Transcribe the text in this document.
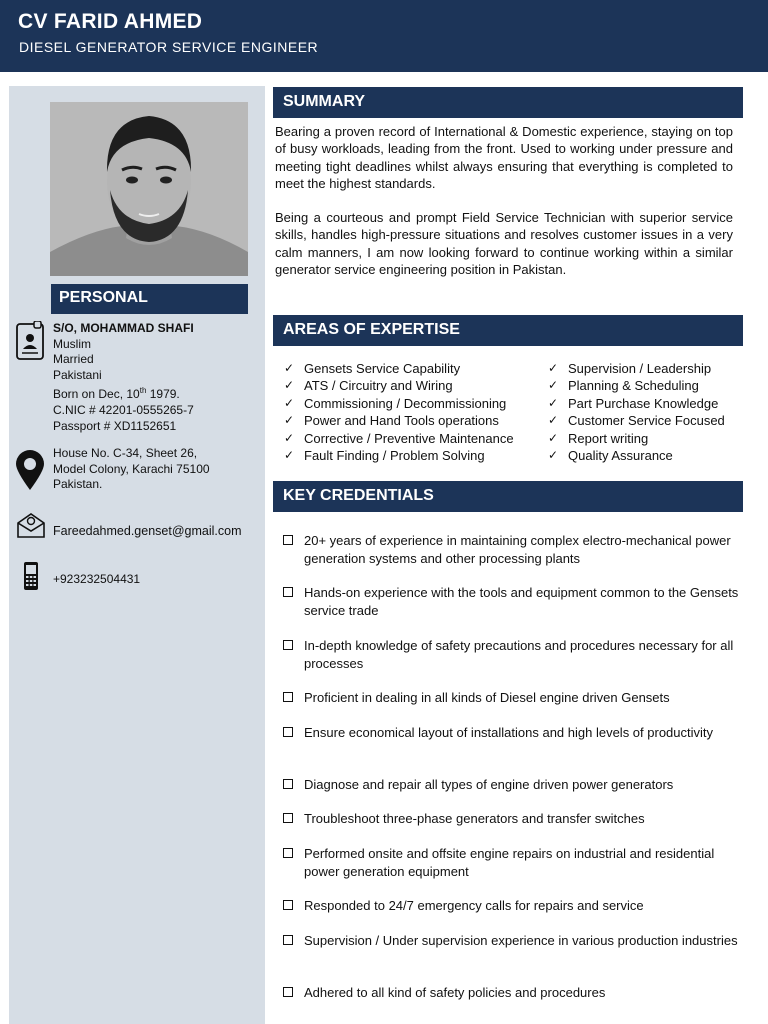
CV FARID AHMED
DIESEL GENERATOR SERVICE ENGINEER
PERSONAL
S/O, MOHAMMAD SHAFI
Muslim
Married
Pakistani
Born on Dec, 10th 1979.
C.NIC # 42201-0555265-7
Passport # XD1152651
House No. C-34, Sheet 26,
Model Colony, Karachi 75100
Pakistan.
Fareedahmed.genset@gmail.com
+923232504431
SUMMARY
Bearing a proven record of International & Domestic experience, staying on top of busy workloads, leading from the front. Used to working under pressure and meeting tight deadlines whilst always ensuring that everything is completed to meet the highest standards.
Being a courteous and prompt Field Service Technician with superior service skills, handles high-pressure situations and resolves customer issues in a very calm manners, I am now looking forward to continue working within a similar generator service engineering position in Pakistan.
AREAS OF EXPERTISE
✓ Gensets Service Capability
✓ ATS / Circuitry and Wiring
✓ Commissioning / Decommissioning
✓ Power and Hand Tools operations
✓ Corrective / Preventive Maintenance
✓ Fault Finding / Problem Solving
✓ Supervision / Leadership
✓ Planning & Scheduling
✓ Part Purchase Knowledge
✓ Customer Service Focused
✓ Report writing
✓ Quality Assurance
KEY CREDENTIALS
20+ years of experience in maintaining complex electro-mechanical power generation systems and other processing plants
Hands-on experience with the tools and equipment common to the Gensets service trade
In-depth knowledge of safety precautions and procedures necessary for all processes
Proficient in dealing in all kinds of Diesel engine driven Gensets
Ensure economical layout of installations and high levels of productivity
Diagnose and repair all types of engine driven power generators
Troubleshoot three-phase generators and transfer switches
Performed onsite and offsite engine repairs on industrial and residential power generation equipment
Responded to 24/7 emergency calls for repairs and service
Supervision / Under supervision experience in various production industries
Adhered to all kind of safety policies and procedures
